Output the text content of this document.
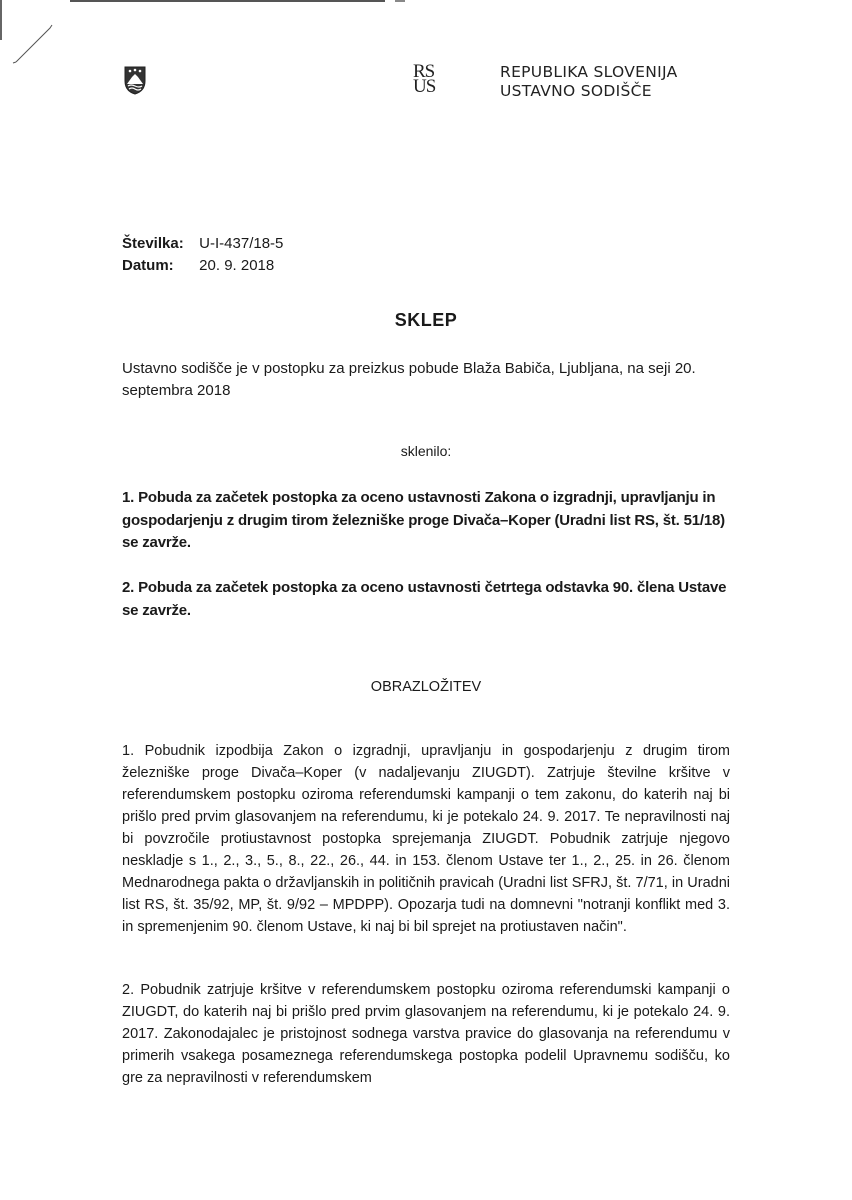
RS
US
REPUBLIKA SLOVENIJA
USTAVNO SODIŠČE
Številka: U-I-437/18-5
Datum: 20. 9. 2018
SKLEP
Ustavno sodišče je v postopku za preizkus pobude Blaža Babiča, Ljubljana, na seji 20. septembra 2018
sklenilo:
1. Pobuda za začetek postopka za oceno ustavnosti Zakona o izgradnji, upravljanju in gospodarjenju z drugim tirom železniške proge Divača–Koper (Uradni list RS, št. 51/18) se zavrže.
2. Pobuda za začetek postopka za oceno ustavnosti četrtega odstavka 90. člena Ustave se zavrže.
OBRAZLOŽITEV
1. Pobudnik izpodbija Zakon o izgradnji, upravljanju in gospodarjenju z drugim tirom železniške proge Divača–Koper (v nadaljevanju ZIUGDT). Zatrjuje številne kršitve v referendumskem postopku oziroma referendumski kampanji o tem zakonu, do katerih naj bi prišlo pred prvim glasovanjem na referendumu, ki je potekalo 24. 9. 2017. Te nepravilnosti naj bi povzročile protiustavnost postopka sprejemanja ZIUGDT. Pobudnik zatrjuje njegovo neskladje s 1., 2., 3., 5., 8., 22., 26., 44. in 153. členom Ustave ter 1., 2., 25. in 26. členom Mednarodnega pakta o državljanskih in političnih pravicah (Uradni list SFRJ, št. 7/71, in Uradni list RS, št. 35/92, MP, št. 9/92 – MPDPP). Opozarja tudi na domnevni "notranji konflikt med 3. in spremenjenim 90. členom Ustave, ki naj bi bil sprejet na protiustaven način".
2. Pobudnik zatrjuje kršitve v referendumskem postopku oziroma referendumski kampanji o ZIUGDT, do katerih naj bi prišlo pred prvim glasovanjem na referendumu, ki je potekalo 24. 9. 2017. Zakonodajalec je pristojnost sodnega varstva pravice do glasovanja na referendumu v primerih vsakega posameznega referendumskega postopka podelil Upravnemu sodišču, ko gre za nepravilnosti v referendumskem
